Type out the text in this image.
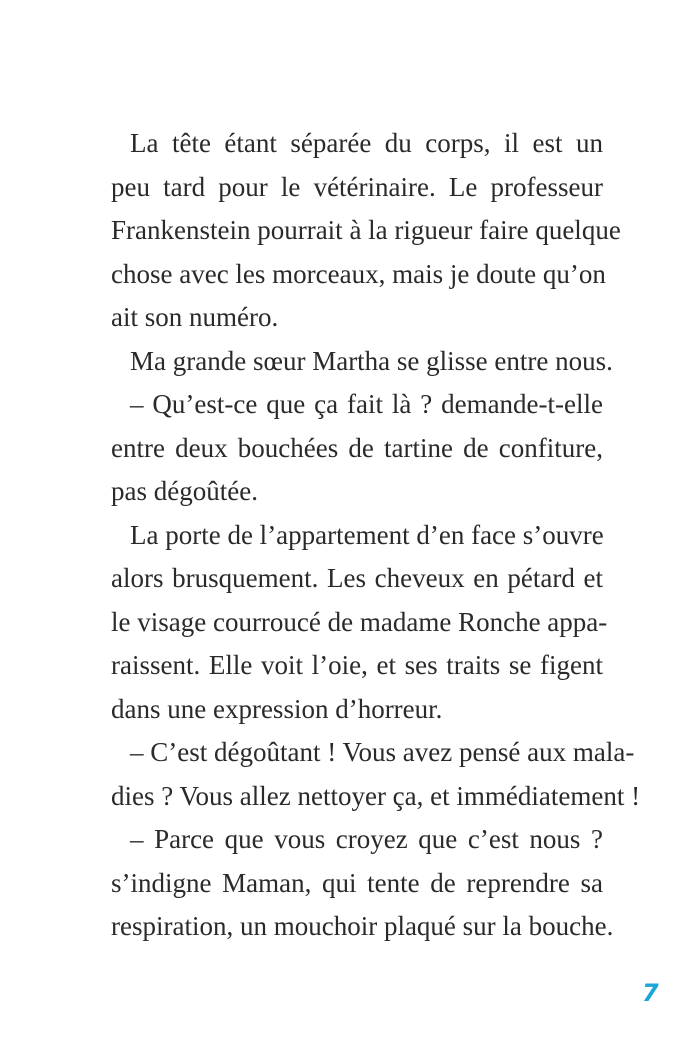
La tête étant séparée du corps, il est un
peu tard pour le vétérinaire. Le professeur
Frankenstein pourrait à la rigueur faire quelque
chose avec les morceaux, mais je doute qu’on
ait son numéro.
Ma grande sœur Martha se glisse entre nous.
– Qu’est-ce que ça fait là ? demande-t-elle
entre deux bouchées de tartine de confiture,
pas dégoûtée.
La porte de l’appartement d’en face s’ouvre
alors brusquement. Les cheveux en pétard et
le visage courroucé de madame Ronche appa-
raissent. Elle voit l’oie, et ses traits se figent
dans une expression d’horreur.
– C’est dégoûtant ! Vous avez pensé aux mala-
dies ? Vous allez nettoyer ça, et immédiatement !
– Parce que vous croyez que c’est nous ?
s’indigne Maman, qui tente de reprendre sa
respiration, un mouchoir plaqué sur la bouche.
7
